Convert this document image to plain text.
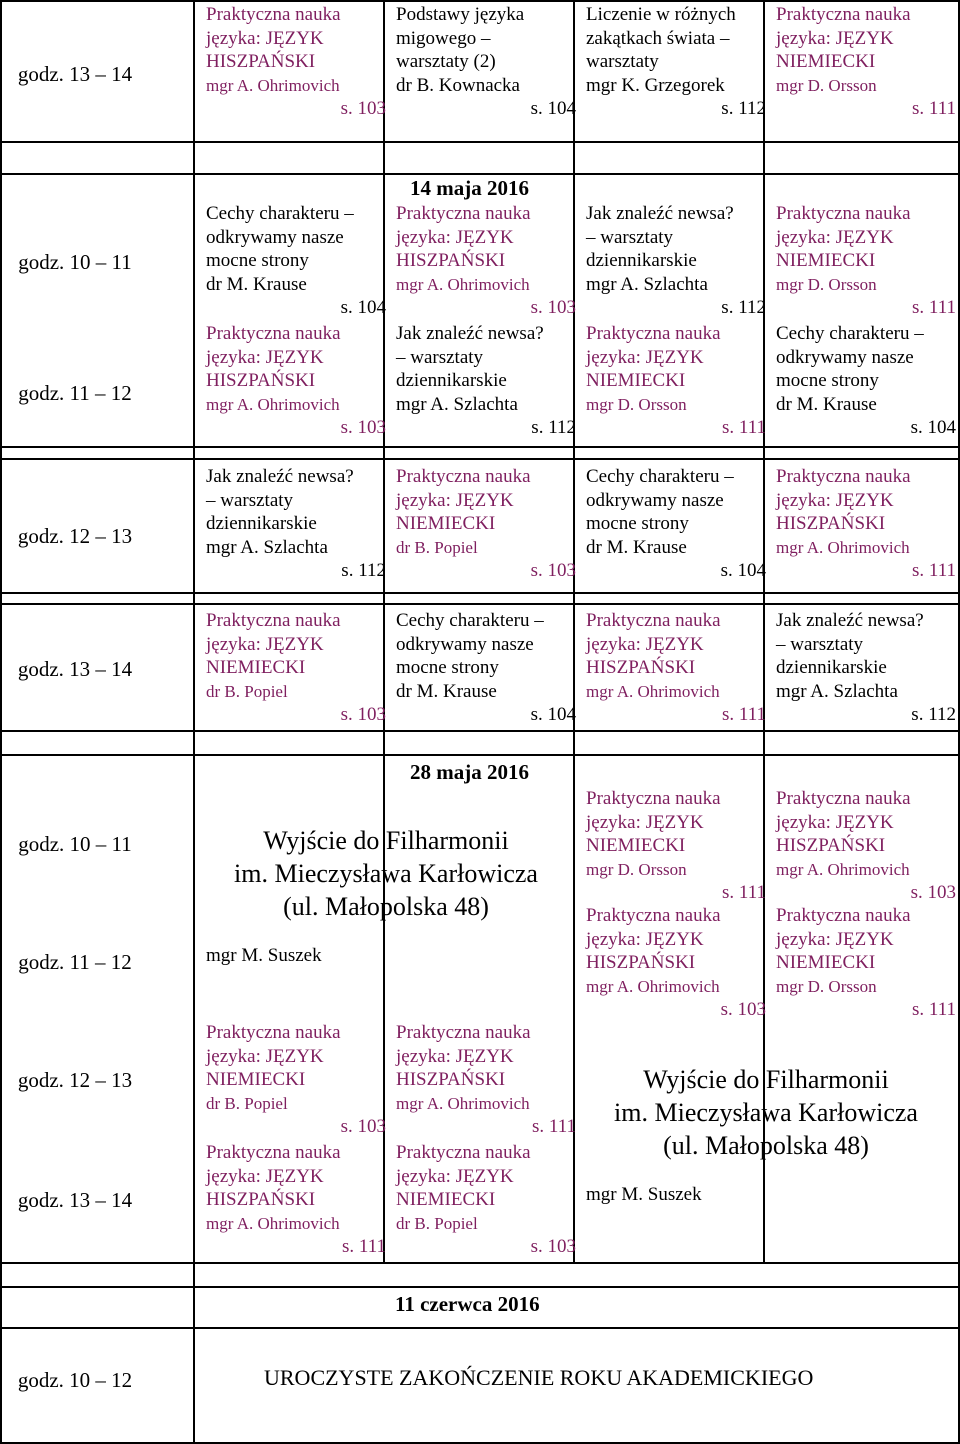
godz. 13 – 14
Praktyczna nauka
języka: JĘZYK
HISZPAŃSKI
mgr A. Ohrimovich
s. 103
Podstawy języka
migowego –
warsztaty (2)
dr B. Kownacka
s. 104
Liczenie w różnych
zakątkach świata –
warsztaty
mgr K. Grzegorek
s. 112
Praktyczna nauka
języka: JĘZYK
NIEMIECKI
mgr D. Orsson
s. 111
14 maja 2016
godz. 10 – 11
godz. 11 – 12
godz. 12 – 13
godz. 13 – 14
Cechy charakteru –
odkrywamy nasze
mocne strony
dr M. Krause
s. 104
Praktyczna nauka
języka: JĘZYK
HISZPAŃSKI
mgr A. Ohrimovich
s. 103
Praktyczna nauka
języka: JĘZYK
HISZPAŃSKI
mgr A. Ohrimovich
s. 103
Jak znaleźć newsa?
– warsztaty
dziennikarskie
mgr A. Szlachta
s. 112
Jak znaleźć newsa?
– warsztaty
dziennikarskie
mgr A. Szlachta
s. 112
Praktyczna nauka
języka: JĘZYK
NIEMIECKI
mgr D. Orsson
s. 111
Praktyczna nauka
języka: JĘZYK
NIEMIECKI
mgr D. Orsson
s. 111
Cechy charakteru –
odkrywamy nasze
mocne strony
dr M. Krause
s. 104
Jak znaleźć newsa?
– warsztaty
dziennikarskie
mgr A. Szlachta
s. 112
Praktyczna nauka
języka: JĘZYK
NIEMIECKI
dr B. Popiel
s. 103
Cechy charakteru –
odkrywamy nasze
mocne strony
dr M. Krause
s. 104
Praktyczna nauka
języka: JĘZYK
HISZPAŃSKI
mgr A. Ohrimovich
s. 111
Praktyczna nauka
języka: JĘZYK
NIEMIECKI
dr B. Popiel
s. 103
Cechy charakteru –
odkrywamy nasze
mocne strony
dr M. Krause
s. 104
Praktyczna nauka
języka: JĘZYK
HISZPAŃSKI
mgr A. Ohrimovich
s. 111
Jak znaleźć newsa?
– warsztaty
dziennikarskie
mgr A. Szlachta
s. 112
28 maja 2016
godz. 10 – 11
godz. 11 – 12
godz. 12 – 13
godz. 13 – 14
Wyjście do Filharmonii
im. Mieczysława Karłowicza
(ul. Małopolska 48)
mgr M. Suszek
Praktyczna nauka
języka: JĘZYK
NIEMIECKI
mgr D. Orsson
s. 111
Praktyczna nauka
języka: JĘZYK
HISZPAŃSKI
mgr A. Ohrimovich
s. 103
Praktyczna nauka
języka: JĘZYK
HISZPAŃSKI
mgr A. Ohrimovich
s. 103
Praktyczna nauka
języka: JĘZYK
NIEMIECKI
mgr D. Orsson
s. 111
Praktyczna nauka
języka: JĘZYK
NIEMIECKI
dr B. Popiel
s. 103
Praktyczna nauka
języka: JĘZYK
HISZPAŃSKI
mgr A. Ohrimovich
s. 111
Praktyczna nauka
języka: JĘZYK
HISZPAŃSKI
mgr A. Ohrimovich
s. 111
Praktyczna nauka
języka: JĘZYK
NIEMIECKI
dr B. Popiel
s. 103
Wyjście do Filharmonii
im. Mieczysława Karłowicza
(ul. Małopolska 48)
mgr M. Suszek
11 czerwca 2016
godz. 10 – 12	UROCZYSTE ZAKOŃCZENIE ROKU AKADEMICKIEGO
